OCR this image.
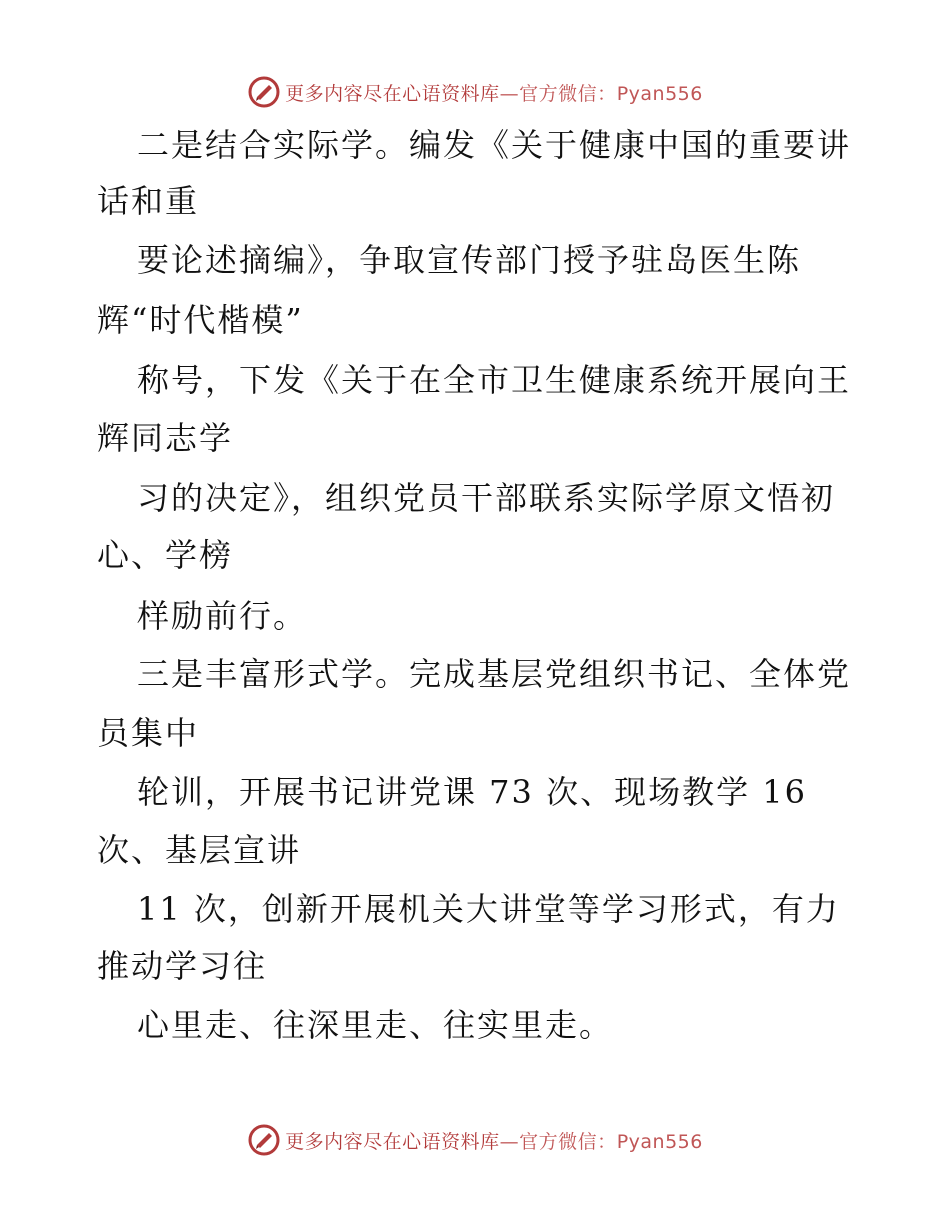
更多内容尽在心语资料库—官方微信：Pyan556
二是结合实际学。编发《关于健康中国的重要讲
话和重
要论述摘编》，争取宣传部门授予驻岛医生陈
辉“时代楷模”
称号，下发《关于在全市卫生健康系统开展向王
辉同志学
习的决定》，组织党员干部联系实际学原文悟初
心、学榜
样励前行。
三是丰富形式学。完成基层党组织书记、全体党
员集中
轮训，开展书记讲党课 73 次、现场教学 16
次、基层宣讲
11 次，创新开展机关大讲堂等学习形式，有力
推动学习往
心里走、往深里走、往实里走。
更多内容尽在心语资料库—官方微信：Pyan556
